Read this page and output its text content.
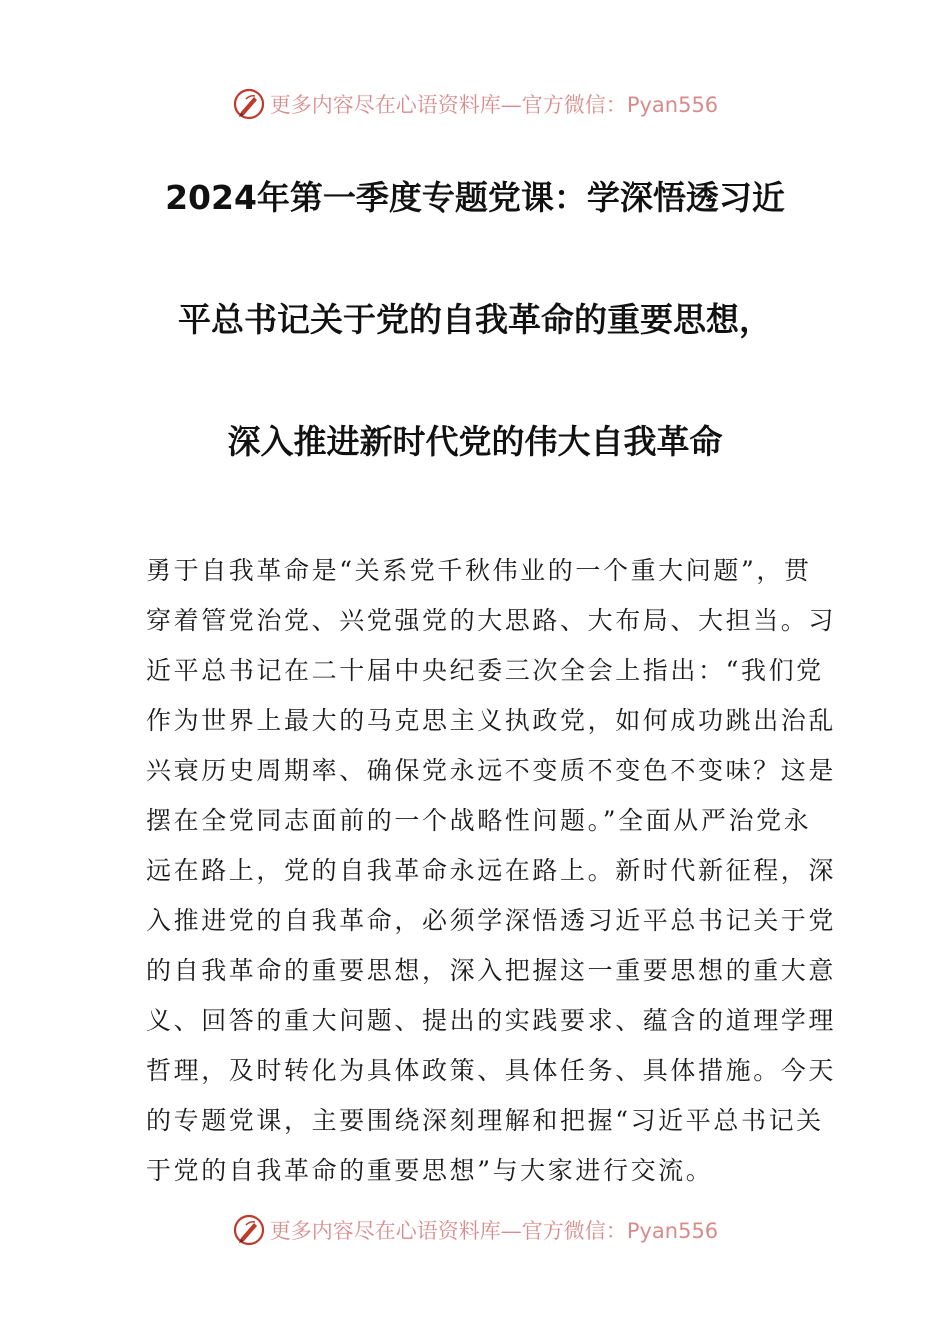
更多内容尽在心语资料库—官方微信：Pyan556
2024年第一季度专题党课：学深悟透习近
平总书记关于党的自我革命的重要思想，
深入推进新时代党的伟大自我革命
勇于自我革命是“关系党千秋伟业的一个重大问题”，贯
穿着管党治党、兴党强党的大思路、大布局、大担当。习
近平总书记在二十届中央纪委三次全会上指出：“我们党
作为世界上最大的马克思主义执政党，如何成功跳出治乱
兴衰历史周期率、确保党永远不变质不变色不变味？这是
摆在全党同志面前的一个战略性问题。”全面从严治党永
远在路上，党的自我革命永远在路上。新时代新征程，深
入推进党的自我革命，必须学深悟透习近平总书记关于党
的自我革命的重要思想，深入把握这一重要思想的重大意
义、回答的重大问题、提出的实践要求、蕴含的道理学理
哲理，及时转化为具体政策、具体任务、具体措施。今天
的专题党课，主要围绕深刻理解和把握“习近平总书记关
于党的自我革命的重要思想”与大家进行交流。
更多内容尽在心语资料库—官方微信：Pyan556
